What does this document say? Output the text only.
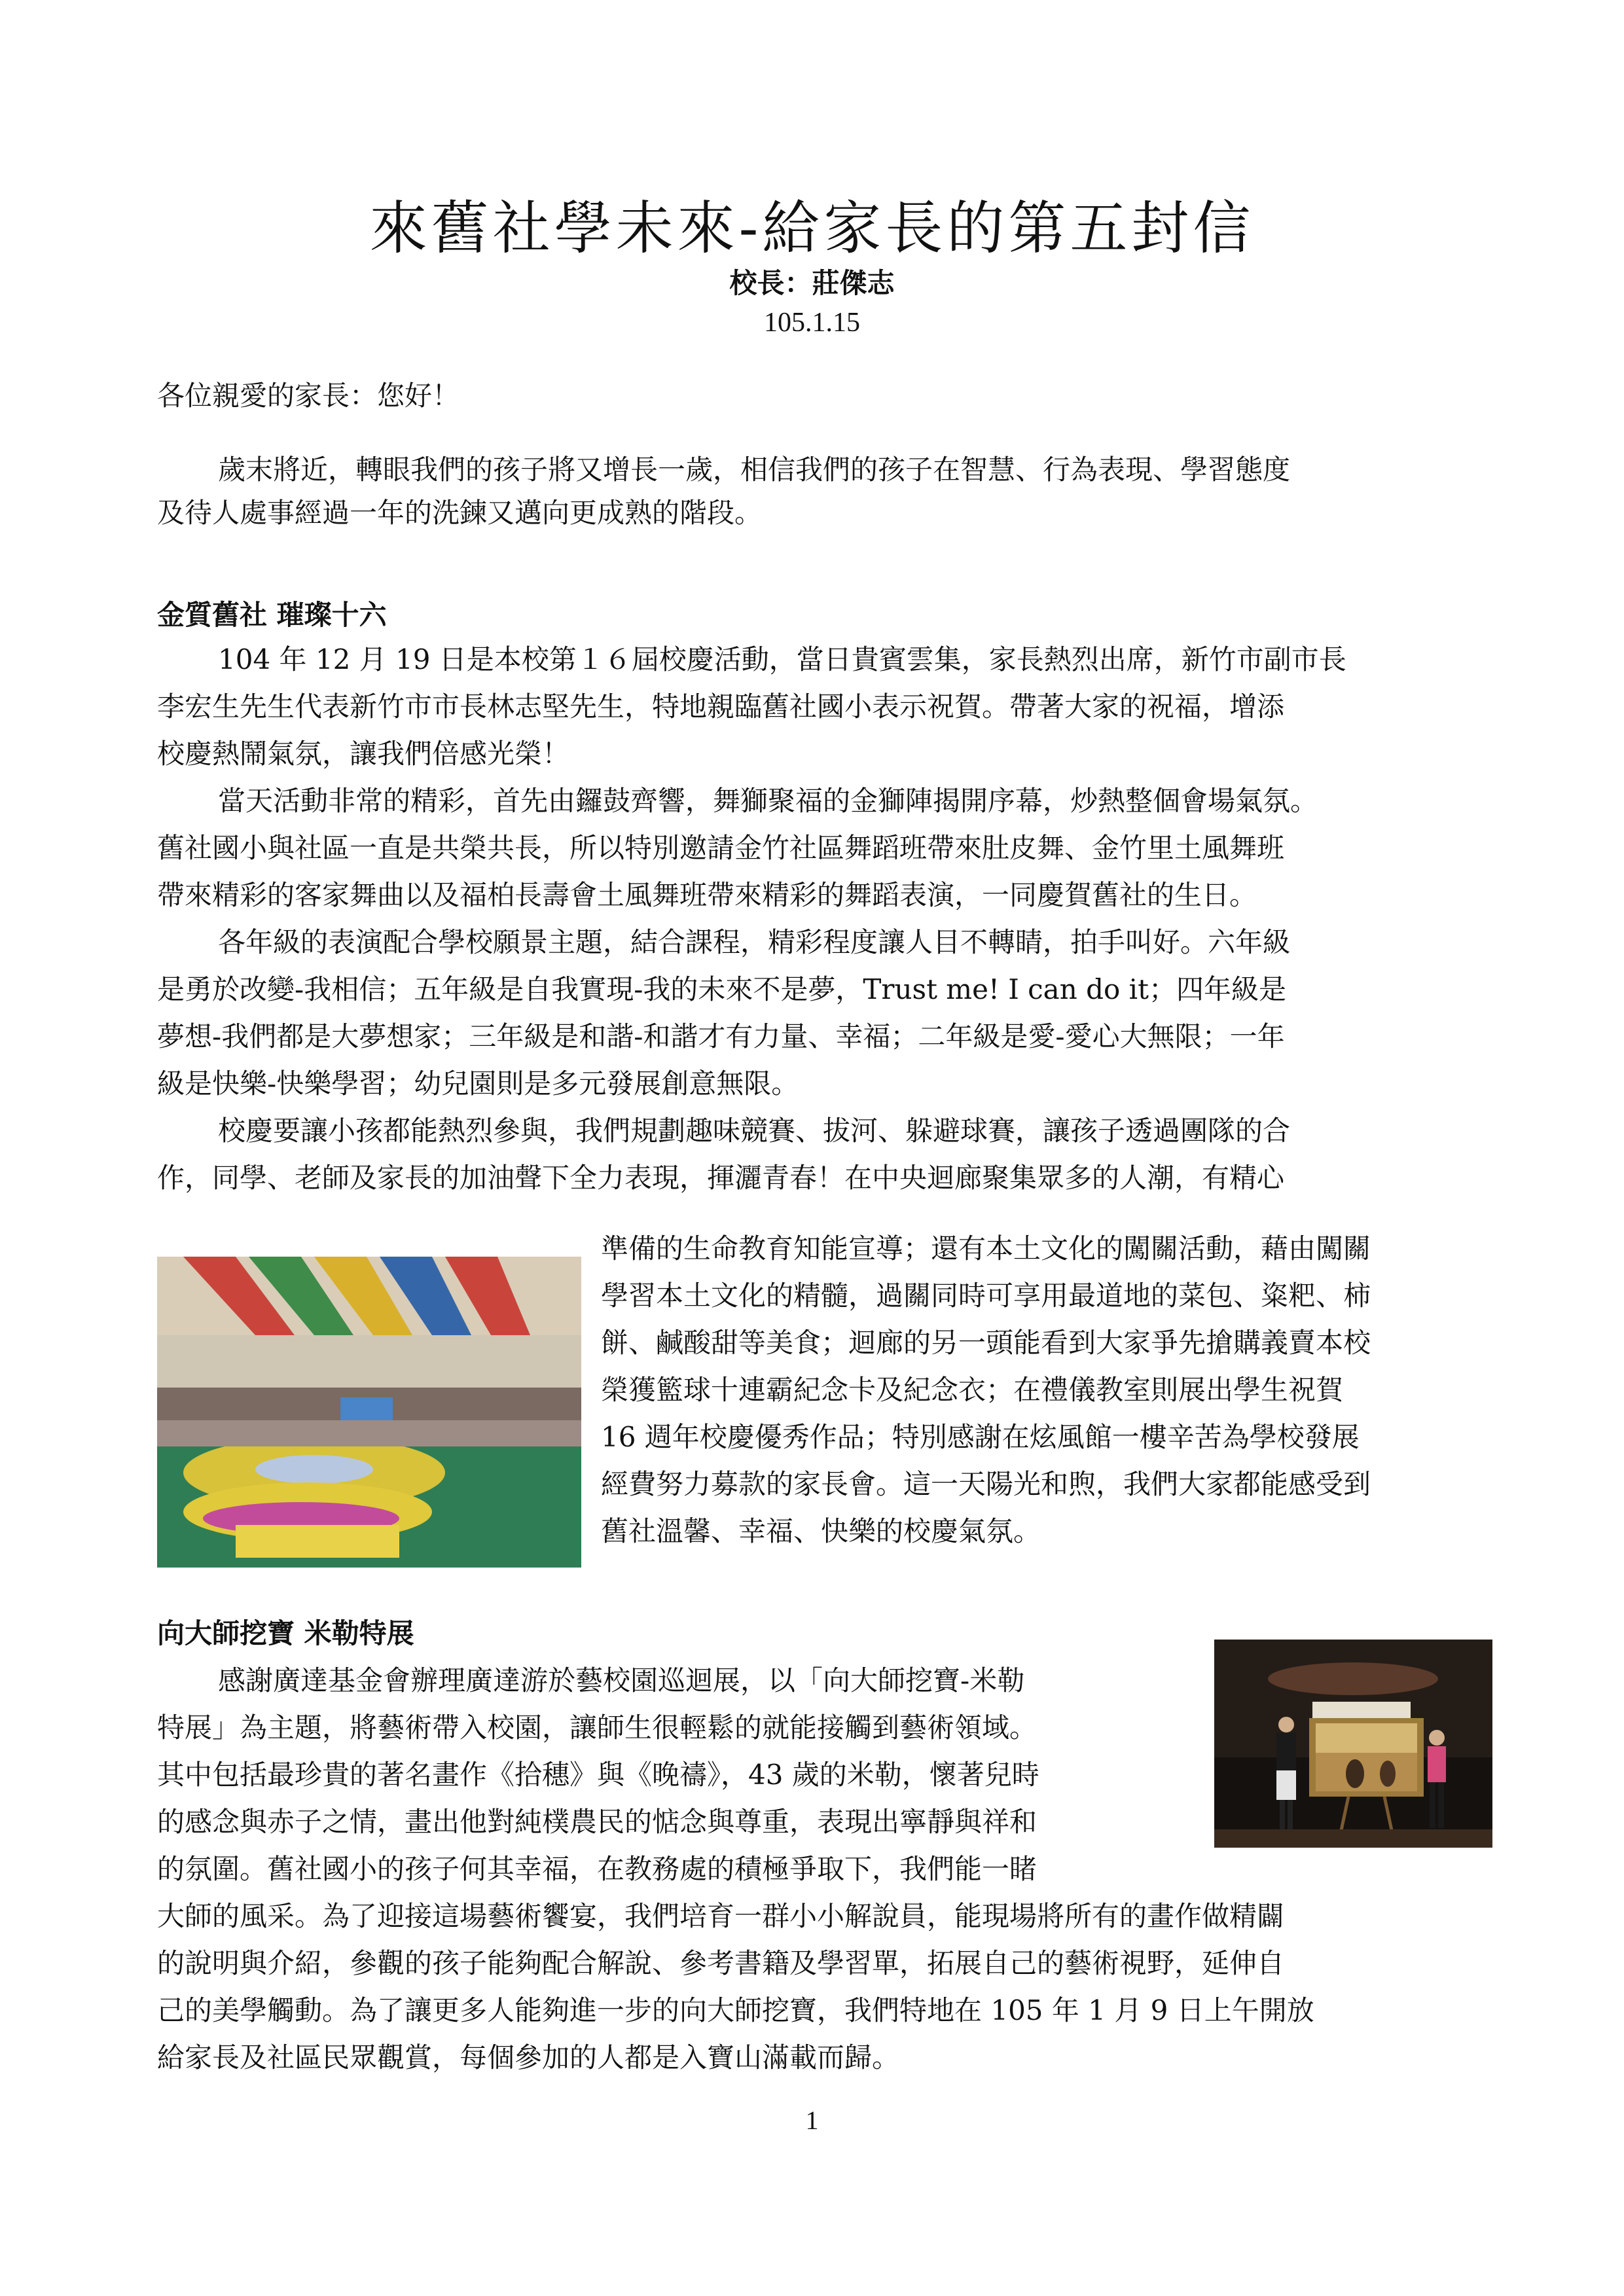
來舊社學未來-給家長的第五封信
校長：莊傑志
105.1.15

各位親愛的家長：您好！

歲末將近，轉眼我們的孩子將又增長一歲，相信我們的孩子在智慧、行為表現、學習態度

及待人處事經過一年的洗鍊又邁向更成熟的階段。

金質舊社 璀璨十六

104 年 12 月 19 日是本校第１６屆校慶活動，當日貴賓雲集，家長熱烈出席，新竹市副市長

李宏生先生代表新竹市市長林志堅先生，特地親臨舊社國小表示祝賀。帶著大家的祝福，增添

校慶熱鬧氣氛，讓我們倍感光榮！

當天活動非常的精彩，首先由鑼鼓齊響，舞獅聚福的金獅陣揭開序幕，炒熱整個會場氣氛。

舊社國小與社區一直是共榮共長，所以特別邀請金竹社區舞蹈班帶來肚皮舞、金竹里土風舞班

帶來精彩的客家舞曲以及福柏長壽會土風舞班帶來精彩的舞蹈表演，一同慶賀舊社的生日。

各年級的表演配合學校願景主題，結合課程，精彩程度讓人目不轉睛，拍手叫好。六年級

是勇於改變-我相信；五年級是自我實現-我的未來不是夢，Trust me! I can do it；四年級是

夢想-我們都是大夢想家；三年級是和諧-和諧才有力量、幸福；二年級是愛-愛心大無限；一年

級是快樂-快樂學習；幼兒園則是多元發展創意無限。

校慶要讓小孩都能熱烈參與，我們規劃趣味競賽、拔河、躲避球賽，讓孩子透過團隊的合

作，同學、老師及家長的加油聲下全力表現，揮灑青春！在中央迴廊聚集眾多的人潮，有精心

準備的生命教育知能宣導；還有本土文化的闖關活動，藉由闖關

學習本土文化的精髓，過關同時可享用最道地的菜包、粢粑、柿

餅、鹹酸甜等美食；迴廊的另一頭能看到大家爭先搶購義賣本校

榮獲籃球十連霸紀念卡及紀念衣；在禮儀教室則展出學生祝賀

16 週年校慶優秀作品；特別感謝在炫風館一樓辛苦為學校發展

經費努力募款的家長會。這一天陽光和煦，我們大家都能感受到

舊社溫馨、幸福、快樂的校慶氣氛。

向大師挖寶 米勒特展

感謝廣達基金會辦理廣達游於藝校園巡迴展，以「向大師挖寶-米勒

特展」為主題，將藝術帶入校園，讓師生很輕鬆的就能接觸到藝術領域。

其中包括最珍貴的著名畫作《拾穗》與《晚禱》，43 歲的米勒，懷著兒時

的感念與赤子之情，畫出他對純樸農民的惦念與尊重，表現出寧靜與祥和

的氛圍。舊社國小的孩子何其幸福，在教務處的積極爭取下，我們能一睹

大師的風采。為了迎接這場藝術饗宴，我們培育一群小小解說員，能現場將所有的畫作做精闢

的說明與介紹，參觀的孩子能夠配合解說、參考書籍及學習單，拓展自己的藝術視野，延伸自

己的美學觸動。為了讓更多人能夠進一步的向大師挖寶，我們特地在 105 年 1 月 9 日上午開放

給家長及社區民眾觀賞，每個參加的人都是入寶山滿載而歸。

1
